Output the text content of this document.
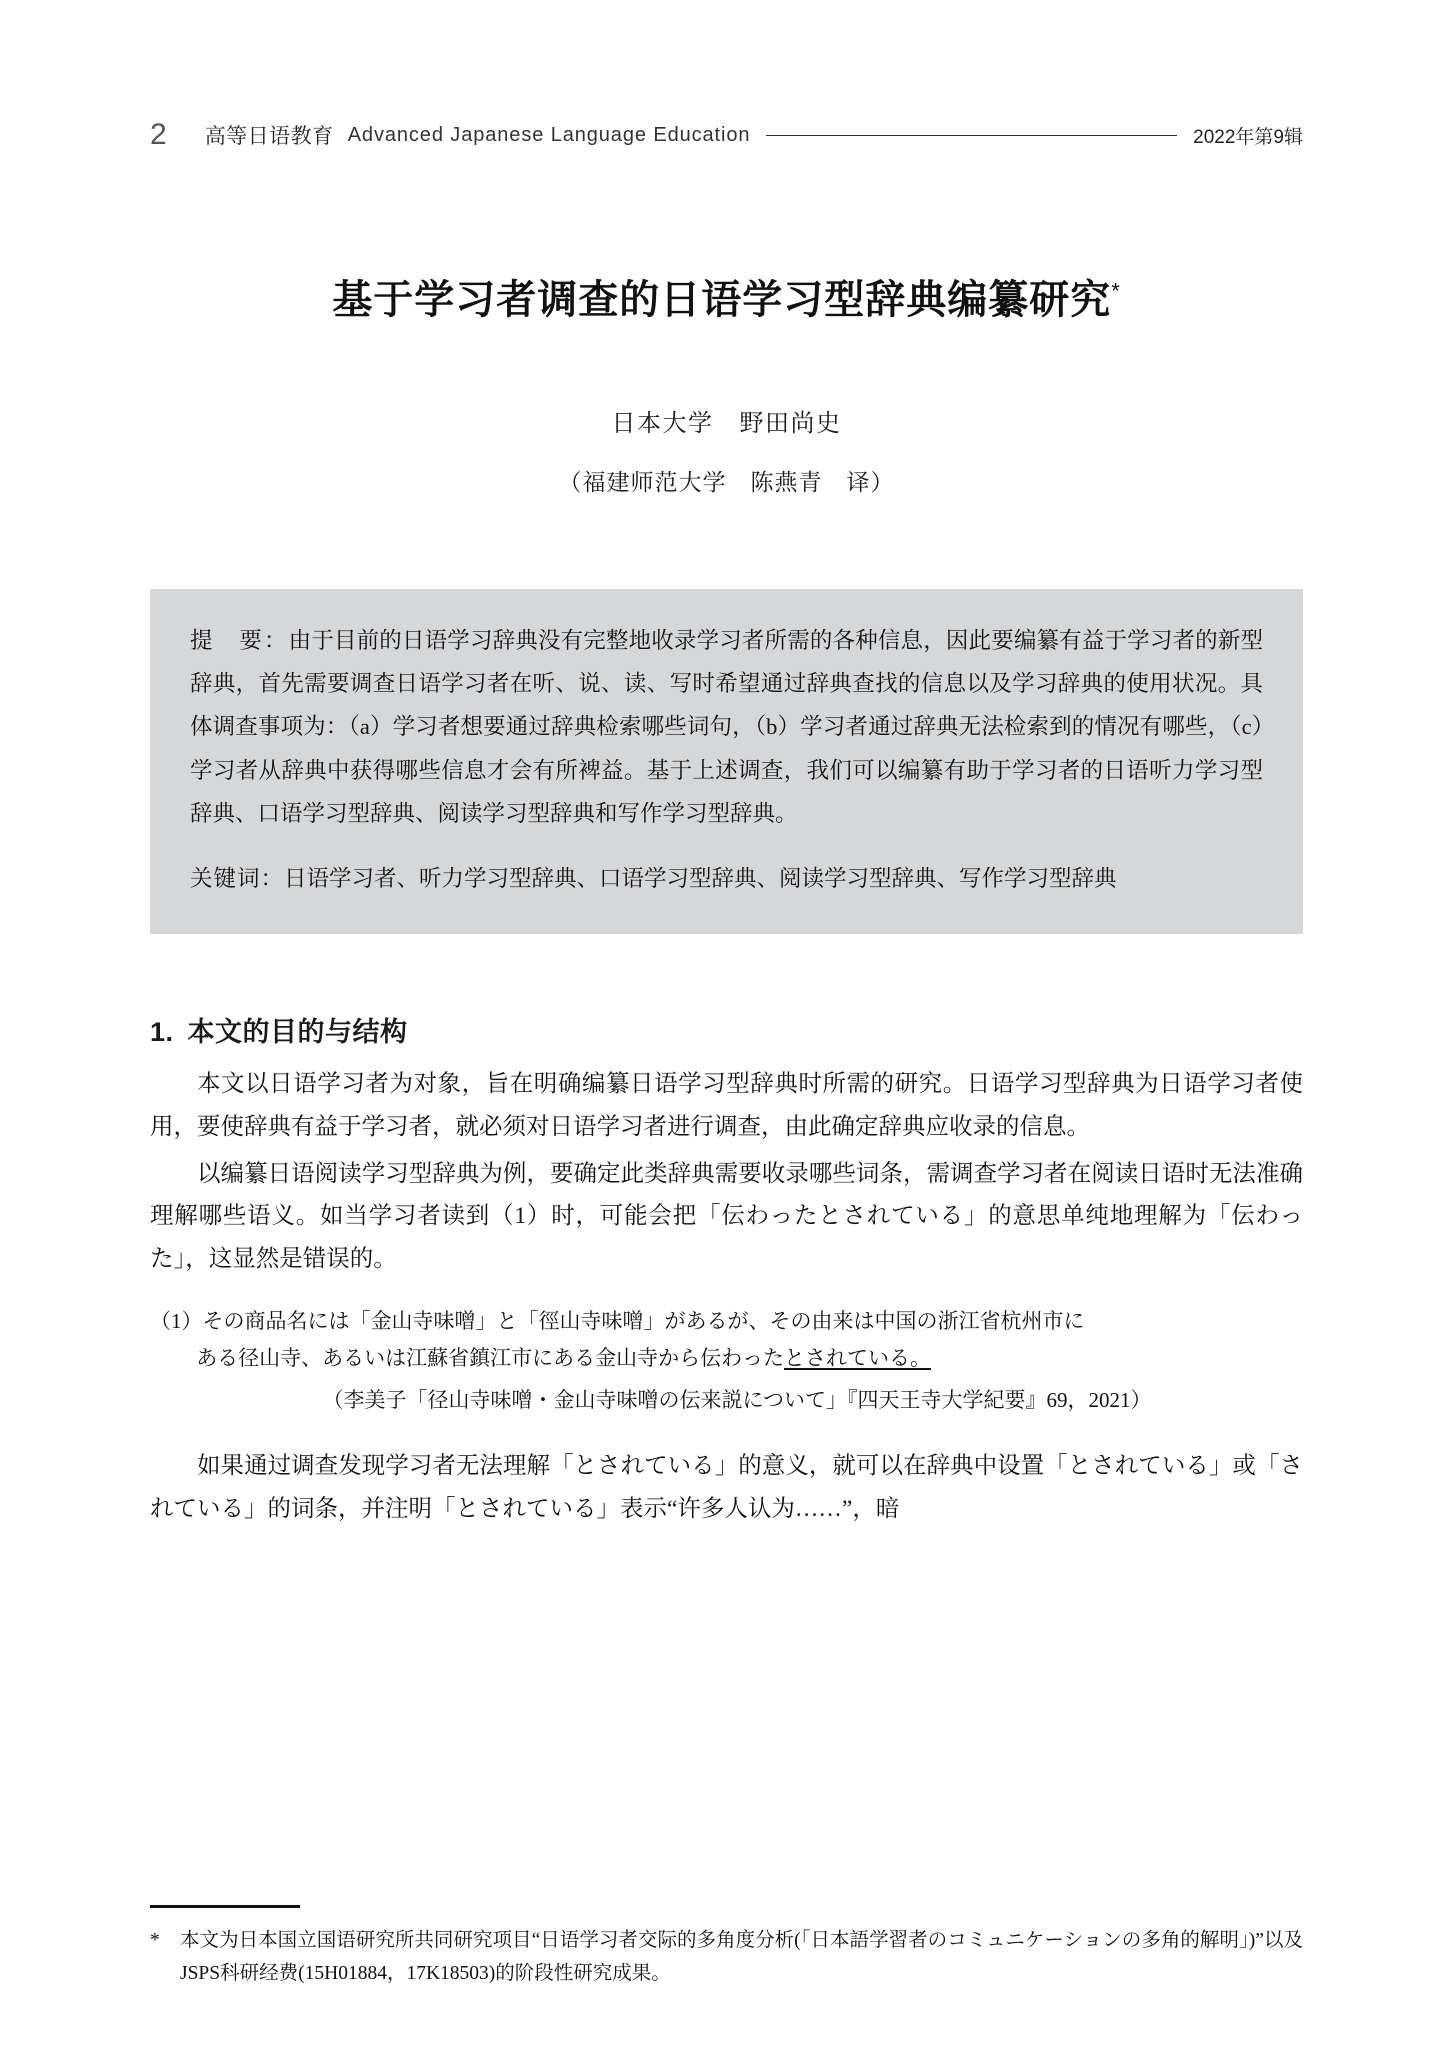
2 高等日语教育 Advanced Japanese Language Education	2022年第9辑
基于学习者调查的日语学习型辞典编纂研究*
日本大学 野田尚史
（福建师范大学　陈燕青　译）

提　要：由于目前的日语学习辞典没有完整地收录学习者所需的各种信息，因此要编纂有益于学习者的新型辞典，首先需要调查日语学习者在听、说、读、写时希望通过辞典查找的信息以及学习辞典的使用状况。具体调查事项为：（a）学习者想要通过辞典检索哪些词句，（b）学习者通过辞典无法检索到的情况有哪些，（c）学习者从辞典中获得哪些信息才会有所裨益。基于上述调查，我们可以编纂有助于学习者的日语听力学习型辞典、口语学习型辞典、阅读学习型辞典和写作学习型辞典。

关键词：日语学习者、听力学习型辞典、口语学习型辞典、阅读学习型辞典、写作学习型辞典

1. 本文的目的与结构

本文以日语学习者为对象，旨在明确编纂日语学习型辞典时所需的研究。日语学习型辞典为日语学习者使用，要使辞典有益于学习者，就必须对日语学习者进行调查，由此确定辞典应收录的信息。

以编纂日语阅读学习型辞典为例，要确定此类辞典需要收录哪些词条，需调查学习者在阅读日语时无法准确理解哪些语义。如当学习者读到（1）时，可能会把「伝わったとされている」的意思单纯地理解为「伝わった」，这显然是错误的。

（1）その商品名には「金山寺味噌」と「徑山寺味噌」があるが、その由来は中国の浙江省杭州市に

ある径山寺、あるいは江蘇省鎮江市にある金山寺から伝わったとされている。

（李美子「径山寺味噌・金山寺味噌の伝来説について」『四天王寺大学紀要』69，2021）

如果通过调查发现学习者无法理解「とされている」的意义，就可以在辞典中设置「とされている」或「されている」的词条，并注明「とされている」表示“许多人认为……”，暗

*	本文为日本国立国语研究所共同研究项目“日语学习者交际的多角度分析(「日本語学習者のコミュニケーションの多角的解明」)”以及JSPS科研经费(15H01884，17K18503)的阶段性研究成果。
